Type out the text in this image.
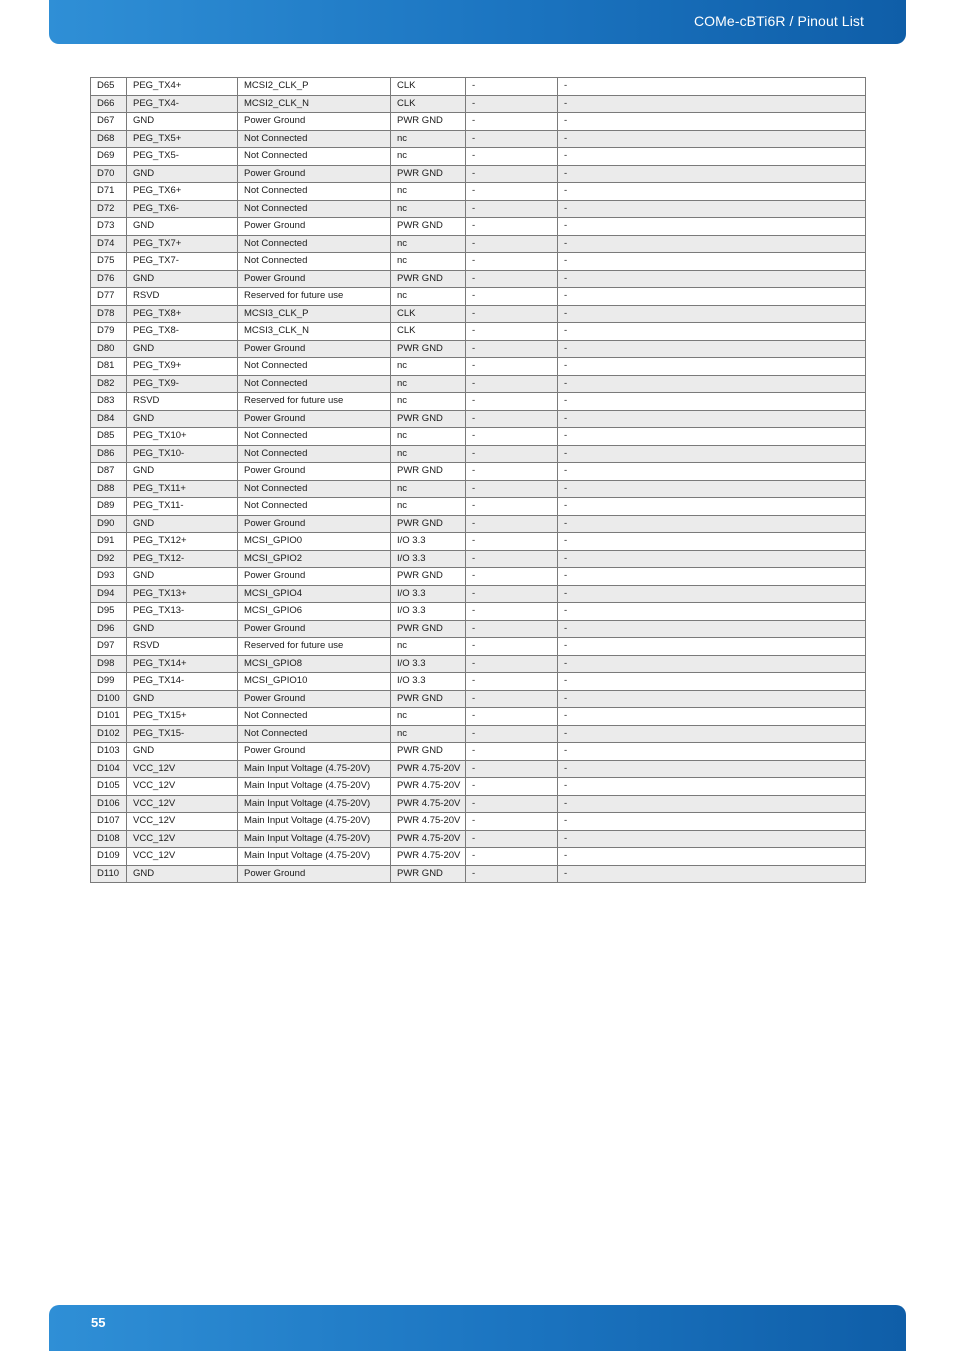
COMe-cBTi6R / Pinout List
D65	PEG_TX4+	MCSI2_CLK_P	CLK	-	-
D66	PEG_TX4-	MCSI2_CLK_N	CLK	-	-
D67	GND	Power Ground	PWR GND	-	-
D68	PEG_TX5+	Not Connected	nc	-	-
D69	PEG_TX5-	Not Connected	nc	-	-
D70	GND	Power Ground	PWR GND	-	-
D71	PEG_TX6+	Not Connected	nc	-	-
D72	PEG_TX6-	Not Connected	nc	-	-
D73	GND	Power Ground	PWR GND	-	-
D74	PEG_TX7+	Not Connected	nc	-	-
D75	PEG_TX7-	Not Connected	nc	-	-
D76	GND	Power Ground	PWR GND	-	-
D77	RSVD	Reserved for future use	nc	-	-
D78	PEG_TX8+	MCSI3_CLK_P	CLK	-	-
D79	PEG_TX8-	MCSI3_CLK_N	CLK	-	-
D80	GND	Power Ground	PWR GND	-	-
D81	PEG_TX9+	Not Connected	nc	-	-
D82	PEG_TX9-	Not Connected	nc	-	-
D83	RSVD	Reserved for future use	nc	-	-
D84	GND	Power Ground	PWR GND	-	-
D85	PEG_TX10+	Not Connected	nc	-	-
D86	PEG_TX10-	Not Connected	nc	-	-
D87	GND	Power Ground	PWR GND	-	-
D88	PEG_TX11+	Not Connected	nc	-	-
D89	PEG_TX11-	Not Connected	nc	-	-
D90	GND	Power Ground	PWR GND	-	-
D91	PEG_TX12+	MCSI_GPIO0	I/O 3.3	-	-
D92	PEG_TX12-	MCSI_GPIO2	I/O 3.3	-	-
D93	GND	Power Ground	PWR GND	-	-
D94	PEG_TX13+	MCSI_GPIO4	I/O 3.3	-	-
D95	PEG_TX13-	MCSI_GPIO6	I/O 3.3	-	-
D96	GND	Power Ground	PWR GND	-	-
D97	RSVD	Reserved for future use	nc	-	-
D98	PEG_TX14+	MCSI_GPIO8	I/O 3.3	-	-
D99	PEG_TX14-	MCSI_GPIO10	I/O 3.3	-	-
D100	GND	Power Ground	PWR GND	-	-
D101	PEG_TX15+	Not Connected	nc	-	-
D102	PEG_TX15-	Not Connected	nc	-	-
D103	GND	Power Ground	PWR GND	-	-
D104	VCC_12V	Main Input Voltage (4.75-20V)	PWR 4.75-20V	-	-
D105	VCC_12V	Main Input Voltage (4.75-20V)	PWR 4.75-20V	-	-
D106	VCC_12V	Main Input Voltage (4.75-20V)	PWR 4.75-20V	-	-
D107	VCC_12V	Main Input Voltage (4.75-20V)	PWR 4.75-20V	-	-
D108	VCC_12V	Main Input Voltage (4.75-20V)	PWR 4.75-20V	-	-
D109	VCC_12V	Main Input Voltage (4.75-20V)	PWR 4.75-20V	-	-
D110	GND	Power Ground	PWR GND	-	-
55
